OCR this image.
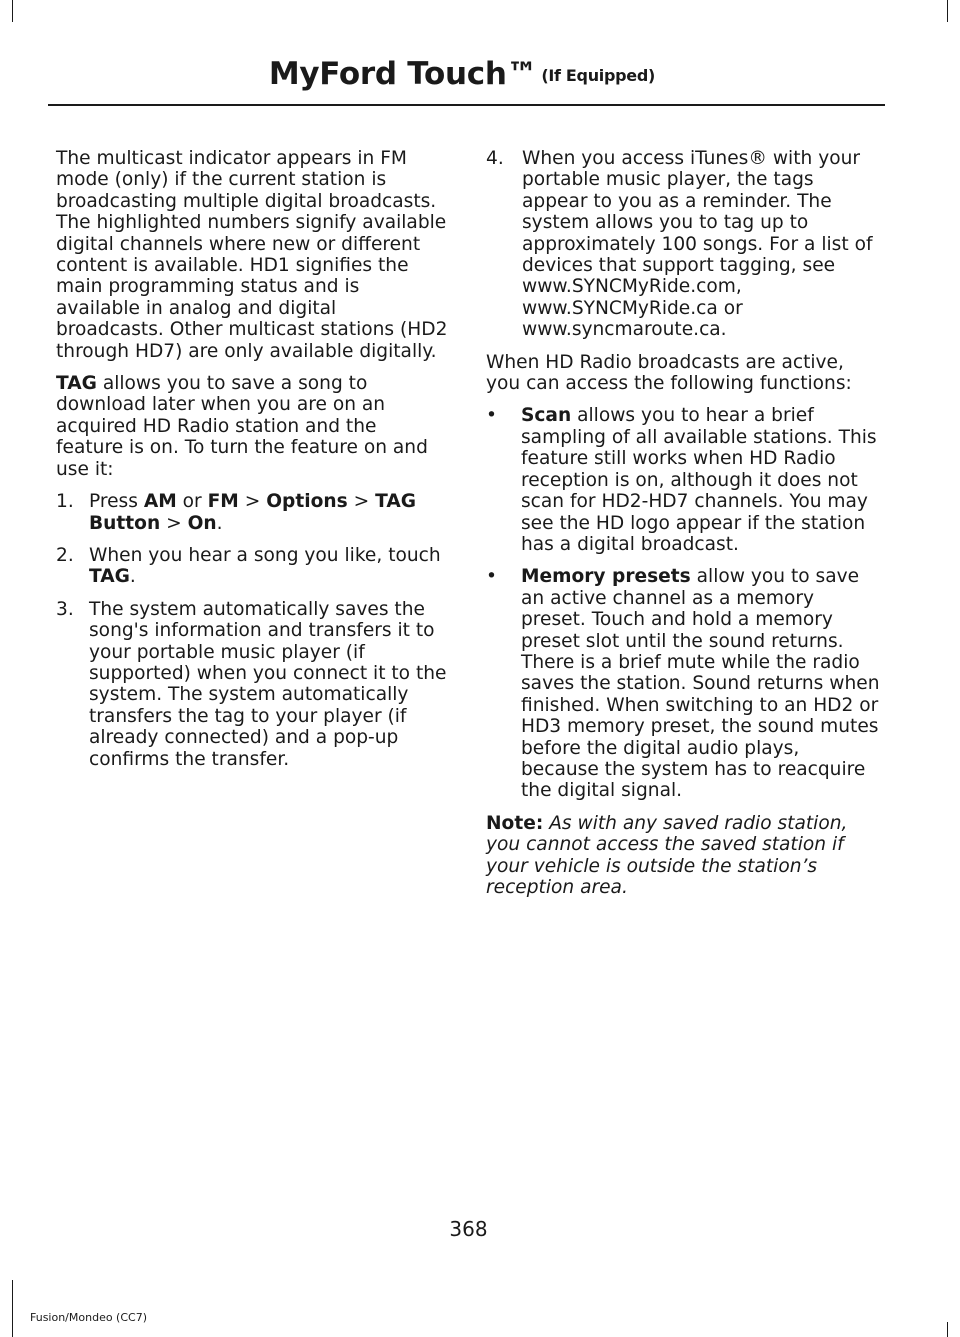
MyFord Touch™ (If Equipped)

The multicast indicator appears in FM mode (only) if the current station is broadcasting multiple digital broadcasts. The highlighted numbers signify available digital channels where new or different content is available. HD1 signifies the main programming status and is available in analog and digital broadcasts. Other multicast stations (HD2 through HD7) are only available digitally.

TAG allows you to save a song to download later when you are on an acquired HD Radio station and the feature is on. To turn the feature on and use it:

1. Press AM or FM > Options > TAG Button > On.
2. When you hear a song you like, touch TAG.
3. The system automatically saves the song's information and transfers it to your portable music player (if supported) when you connect it to the system. The system automatically transfers the tag to your player (if already connected) and a pop-up confirms the transfer.
4. When you access iTunes® with your portable music player, the tags appear to you as a reminder. The system allows you to tag up to approximately 100 songs. For a list of devices that support tagging, see
www.SYNCMyRide.com,
www.SYNCMyRide.ca or
www.syncmaroute.ca.

When HD Radio broadcasts are active, you can access the following functions:

• Scan allows you to hear a brief sampling of all available stations. This feature still works when HD Radio reception is on, although it does not scan for HD2-HD7 channels. You may see the HD logo appear if the station has a digital broadcast.
• Memory presets allow you to save an active channel as a memory preset. Touch and hold a memory preset slot until the sound returns. There is a brief mute while the radio saves the station. Sound returns when finished. When switching to an HD2 or HD3 memory preset, the sound mutes before the digital audio plays, because the system has to reacquire the digital signal.

Note: As with any saved radio station, you cannot access the saved station if your vehicle is outside the station’s reception area.

368
Fusion/Mondeo (CC7)
